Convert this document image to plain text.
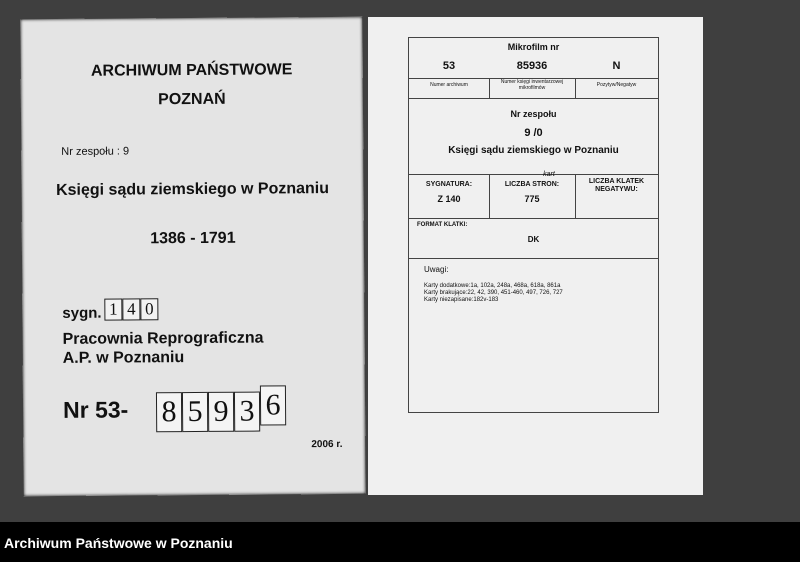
ARCHIWUM PAŃSTWOWE
POZNAŃ
Nr zespołu : 9
Księgi sądu ziemskiego w Poznaniu
1386 - 1791
sygn. 1 4 0
Pracownia Reprograficzna
A.P. w Poznaniu
Nr 53- 8 5 9 3 6
2006 r.
Mikrofilm nr
53	85936	N
Numer archiwum	Numer księgi inwentarzowej mikrofilmów	Pozytyw/Negatyw
Nr zespołu
9 /0
Księgi sądu ziemskiego w Poznaniu
SYGNATURA:
Z 140
kart
LICZBA STRON:
775
LICZBA KLATEK
NEGATYWU:
FORMAT KLATKI:
DK
Uwagi:
Karty dodatkowe:1a, 102a, 248a, 468a, 618a, 861a
Karty brakujące:22, 42, 390, 451-460, 497, 726, 727
Karty niezapisane:182v-183
Archiwum Państwowe w Poznaniu
